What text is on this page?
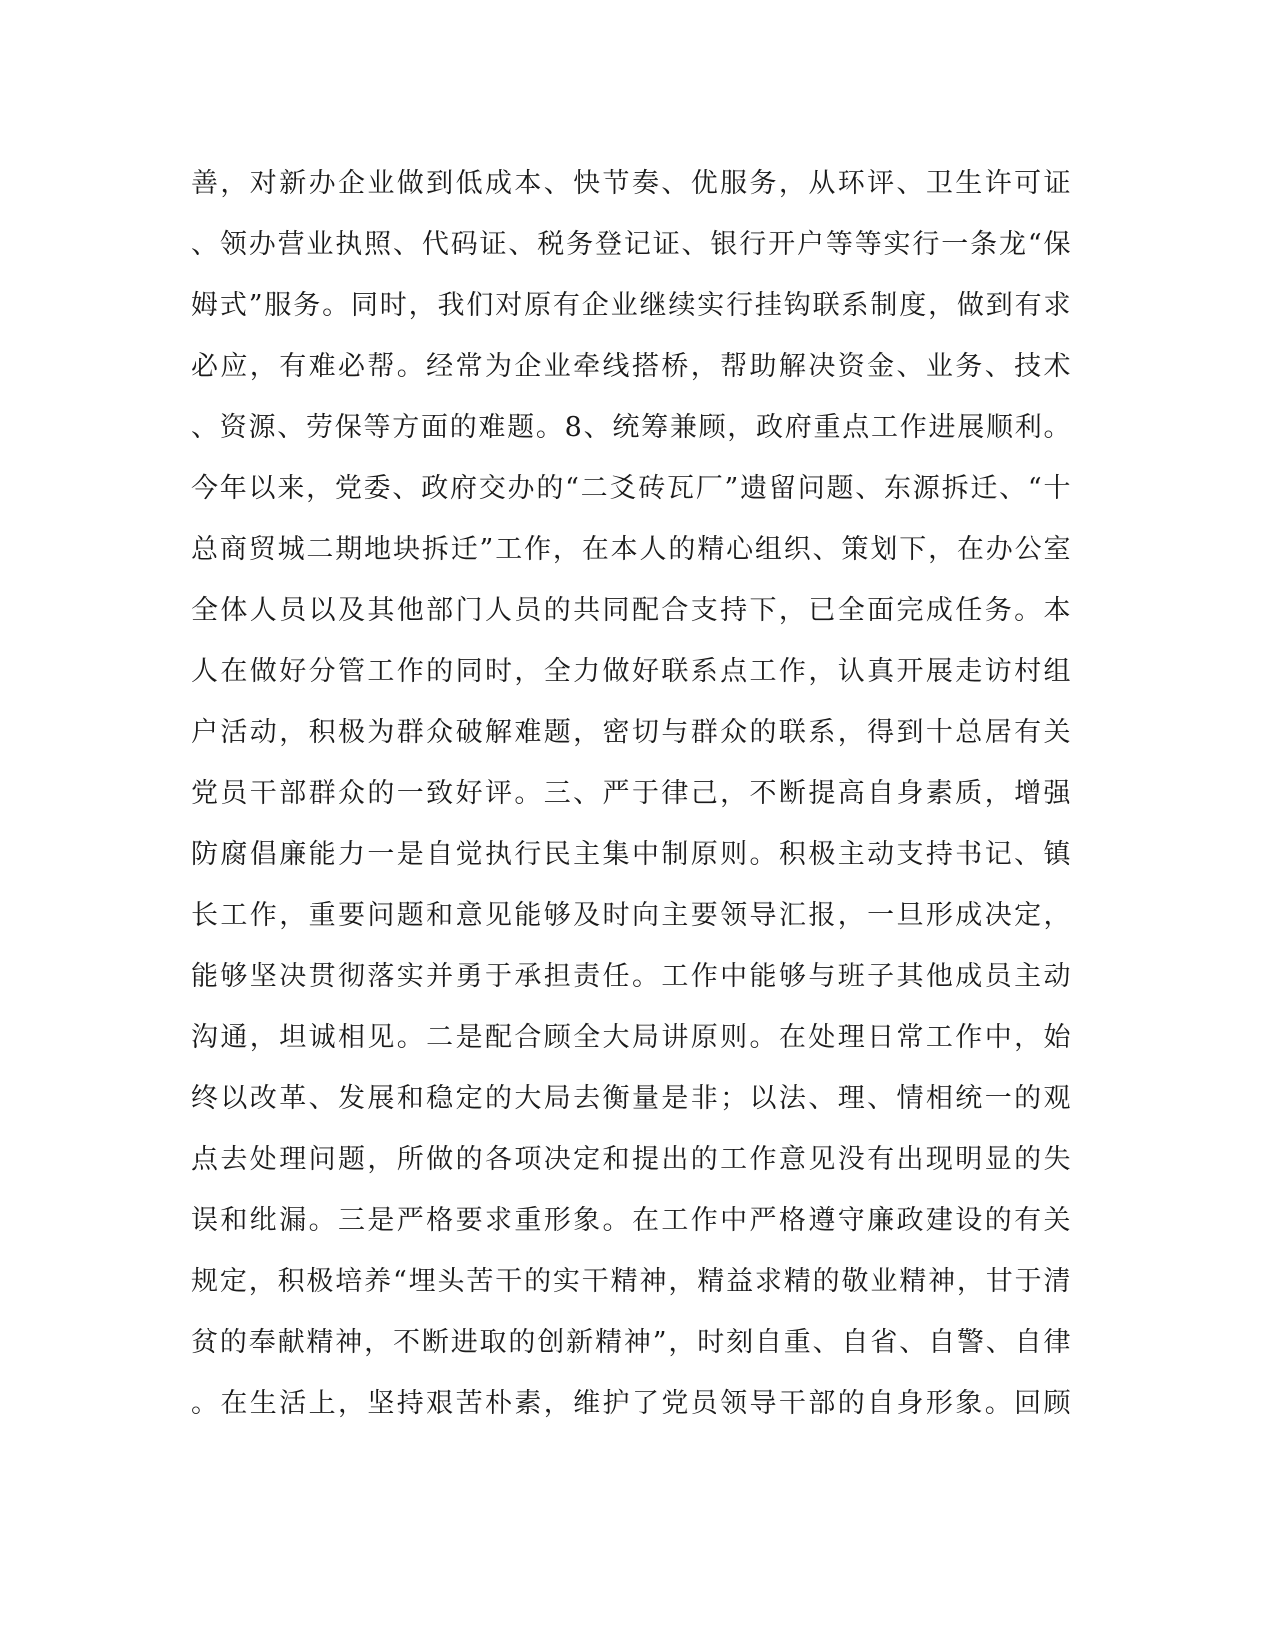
善，对新办企业做到低成本、快节奏、优服务，从环评、卫生许可证
、领办营业执照、代码证、税务登记证、银行开户等等实行一条龙“保
姆式”服务。同时，我们对原有企业继续实行挂钩联系制度，做到有求
必应，有难必帮。经常为企业牵线搭桥，帮助解决资金、业务、技术
、资源、劳保等方面的难题。8、统筹兼顾，政府重点工作进展顺利。
今年以来，党委、政府交办的“二爻砖瓦厂”遗留问题、东源拆迁、“十
总商贸城二期地块拆迁”工作，在本人的精心组织、策划下，在办公室
全体人员以及其他部门人员的共同配合支持下，已全面完成任务。本
人在做好分管工作的同时，全力做好联系点工作，认真开展走访村组
户活动，积极为群众破解难题，密切与群众的联系，得到十总居有关
党员干部群众的一致好评。三、严于律己，不断提高自身素质，增强
防腐倡廉能力一是自觉执行民主集中制原则。积极主动支持书记、镇
长工作，重要问题和意见能够及时向主要领导汇报，一旦形成决定，
能够坚决贯彻落实并勇于承担责任。工作中能够与班子其他成员主动
沟通，坦诚相见。二是配合顾全大局讲原则。在处理日常工作中，始
终以改革、发展和稳定的大局去衡量是非；以法、理、情相统一的观
点去处理问题，所做的各项决定和提出的工作意见没有出现明显的失
误和纰漏。三是严格要求重形象。在工作中严格遵守廉政建设的有关
规定，积极培养“埋头苦干的实干精神，精益求精的敬业精神，甘于清
贫的奉献精神，不断进取的创新精神”，时刻自重、自省、自警、自律
。在生活上，坚持艰苦朴素，维护了党员领导干部的自身形象。回顾
